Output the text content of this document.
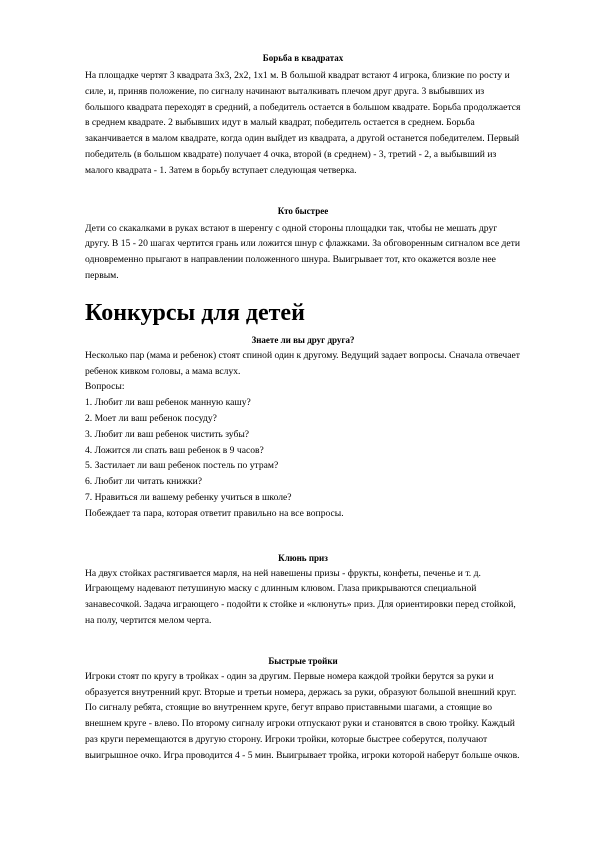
Борьба в квадратах

На площадке чертят 3 квадрата 3х3, 2х2, 1х1 м. В большой квадрат встают 4 игрока, близкие по росту и силе, и, приняв положение, по сигналу начинают выталкивать плечом друг друга. 3 выбывших из большого квадрата переходят в средний, а победитель остается в большом квадрате. Борьба продолжается в среднем квадрате. 2 выбывших идут в малый квадрат, победитель остается в среднем. Борьба заканчивается в малом квадрате, когда один выйдет из квадрата, а другой останется победителем. Первый победитель (в большом квадрате) получает 4 очка, второй (в среднем) - 3, третий - 2, а выбывший из малого квадрата - 1. Затем в борьбу вступает следующая четверка.

Кто быстрее

Дети со скакалками в руках встают в шеренгу с одной стороны площадки так, чтобы не мешать друг другу. В 15 - 20 шагах чертится грань или ложится шнур с флажками. За обговоренным сигналом все дети одновременно прыгают в направлении положенного шнура. Выигрывает тот, кто окажется возле нее первым.

Конкурсы для детей

Знаете ли вы друг друга?

Несколько пар (мама и ребенок) стоят спиной один к другому. Ведущий задает вопросы. Сначала отвечает ребенок кивком головы, а мама вслух.

Вопросы:

1. Любит ли ваш ребенок манную кашу?
2. Моет ли ваш ребенок посуду?
3. Любит ли ваш ребенок чистить зубы?
4. Ложится ли спать ваш ребенок в 9 часов?
5. Застилает ли ваш ребенок постель по утрам?
6. Любит ли читать книжки?
7. Нравиться ли вашему ребенку учиться в школе?

Побеждает та пара, которая ответит правильно на все вопросы.

Клюнь приз

На двух стойках растягивается марля, на ней навешены призы - фрукты, конфеты, печенье и т. д. Играющему надевают петушиную маску с длинным клювом. Глаза прикрываются специальной занавесочкой. Задача играющего - подойти к стойке и «клюнуть» приз. Для ориентировки перед стойкой, на полу, чертится мелом черта.

Быстрые тройки

Игроки стоят по кругу в тройках - один за другим. Первые номера каждой тройки берутся за руки и образуется внутренний круг. Вторые и третьи номера, держась за руки, образуют большой внешний круг. По сигналу ребята, стоящие во внутреннем круге, бегут вправо приставными шагами, а стоящие во внешнем круге - влево. По второму сигналу игроки отпускают руки и становятся в свою тройку. Каждый раз круги перемещаются в другую сторону. Игроки тройки, которые быстрее соберутся, получают выигрышное очко. Игра проводится 4 - 5 мин. Выигрывает тройка, игроки которой наберут больше очков.
